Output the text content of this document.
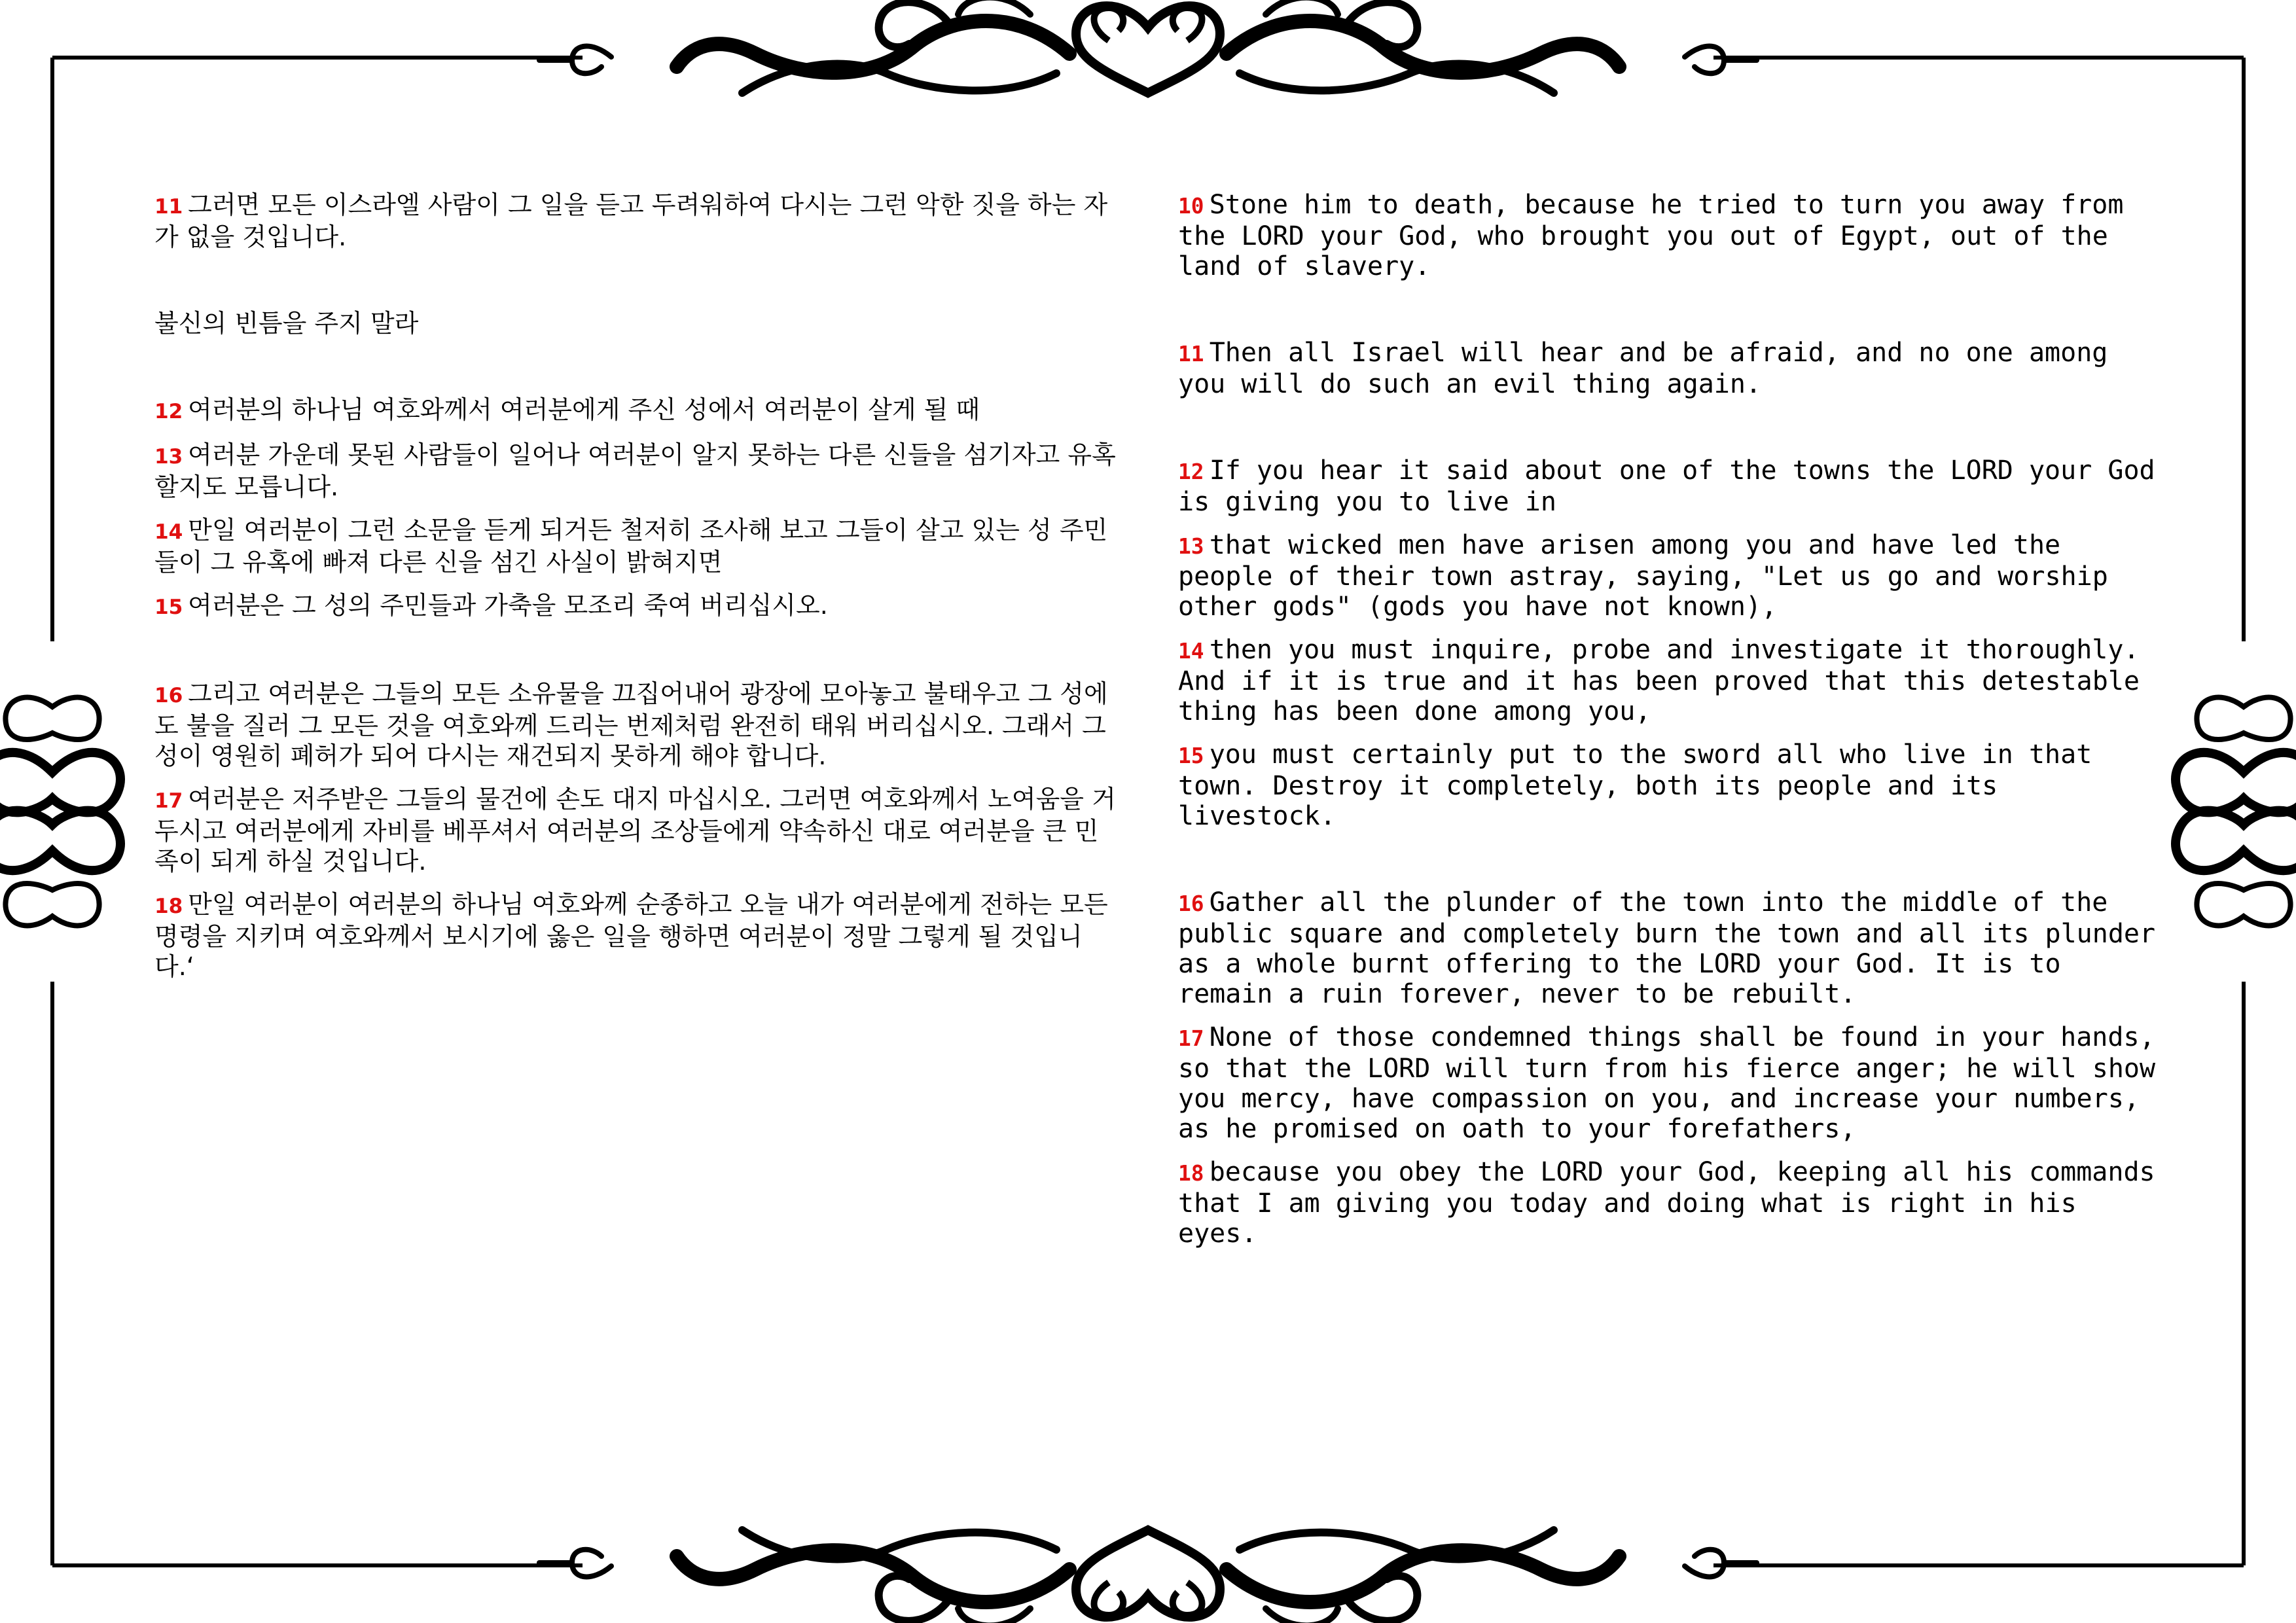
11 그러면 모든 이스라엘 사람이 그 일을 듣고 두려워하여 다시는 그런 악한 짓을 하는 자가 없을 것입니다.

불신의 빈틈을 주지 말라

12 여러분의 하나님 여호와께서 여러분에게 주신 성에서 여러분이 살게 될 때

13 여러분 가운데 못된 사람들이 일어나 여러분이 알지 못하는 다른 신들을 섬기자고 유혹할지도 모릅니다.

14 만일 여러분이 그런 소문을 듣게 되거든 철저히 조사해 보고 그들이 살고 있는 성 주민들이 그 유혹에 빠져 다른 신을 섬긴 사실이 밝혀지면

15 여러분은 그 성의 주민들과 가축을 모조리 죽여 버리십시오.

16 그리고 여러분은 그들의 모든 소유물을 끄집어내어 광장에 모아놓고 불태우고 그 성에도 불을 질러 그 모든 것을 여호와께 드리는 번제처럼 완전히 태워 버리십시오. 그래서 그 성이 영원히 폐허가 되어 다시는 재건되지 못하게 해야 합니다.

17 여러분은 저주받은 그들의 물건에 손도 대지 마십시오. 그러면 여호와께서 노여움을 거두시고 여러분에게 자비를 베푸셔서 여러분의 조상들에게 약속하신 대로 여러분을 큰 민족이 되게 하실 것입니다.

18 만일 여러분이 여러분의 하나님 여호와께 순종하고 오늘 내가 여러분에게 전하는 모든 명령을 지키며 여호와께서 보시기에 옳은 일을 행하면 여러분이 정말 그렇게 될 것입니다.‘

10 Stone him to death, because he tried to turn you away from the LORD your God, who brought you out of Egypt, out of the land of slavery.

11 Then all Israel will hear and be afraid, and no one among you will do such an evil thing again.

12 If you hear it said about one of the towns the LORD your God is giving you to live in

13 that wicked men have arisen among you and have led the people of their town astray, saying, "Let us go and worship other gods" (gods you have not known),

14 then you must inquire, probe and investigate it thoroughly. And if it is true and it has been proved that this detestable thing has been done among you,

15 you must certainly put to the sword all who live in that town. Destroy it completely, both its people and its livestock.

16 Gather all the plunder of the town into the middle of the public square and completely burn the town and all its plunder as a whole burnt offering to the LORD your God. It is to remain a ruin forever, never to be rebuilt.

17 None of those condemned things shall be found in your hands, so that the LORD will turn from his fierce anger; he will show you mercy, have compassion on you, and increase your numbers, as he promised on oath to your forefathers,

18 because you obey the LORD your God, keeping all his commands that I am giving you today and doing what is right in his eyes.
